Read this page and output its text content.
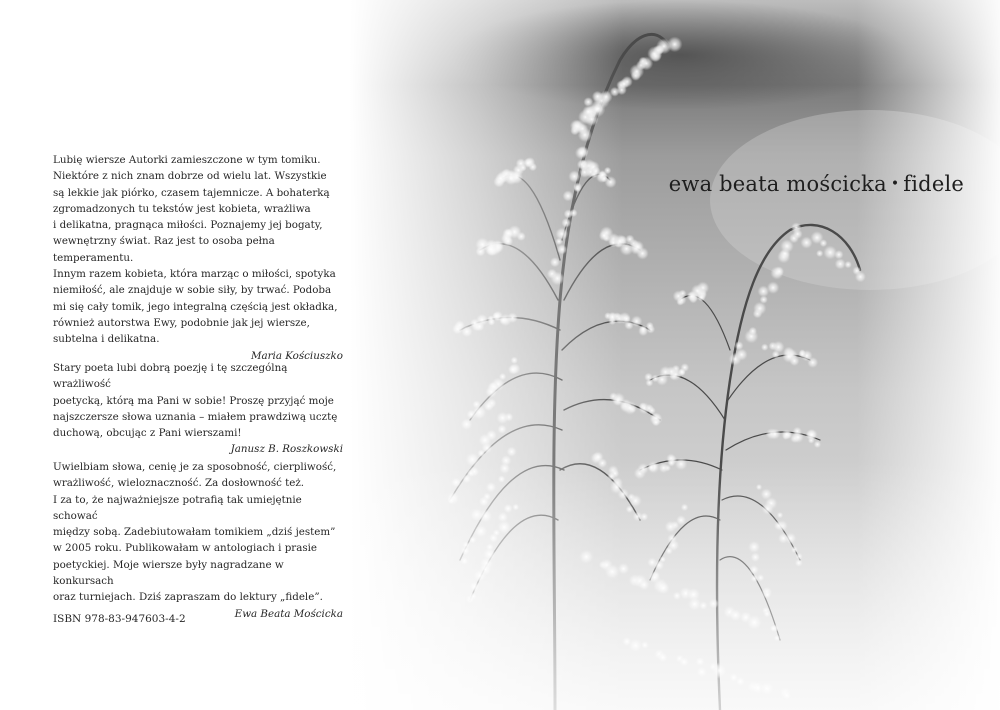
Lubię wiersze Autorki zamieszczone w tym tomiku.
Niektóre z nich znam dobrze od wielu lat. Wszystkie
są lekkie jak piórko, czasem tajemnicze. A bohaterką
zgromadzonych tu tekstów jest kobieta, wrażliwa
i delikatna, pragnąca miłości. Poznajemy jej bogaty,
wewnętrzny świat. Raz jest to osoba pełna temperamentu.
Innym razem kobieta, która marząc o miłości, spotyka
niemiłość, ale znajduje w sobie siły, by trwać. Podoba
mi się cały tomik, jego integralną częścią jest okładka,
również autorstwa Ewy, podobnie jak jej wiersze,
subtelna i delikatna.

Maria Kościuszko

Stary poeta lubi dobrą poezję i tę szczególną wrażliwość
poetycką, którą ma Pani w sobie! Proszę przyjąć moje
najszczersze słowa uznania – miałem prawdziwą ucztę
duchową, obcując z Pani wierszami!

Janusz B. Roszkowski

Uwielbiam słowa, cenię je za sposobność, cierpliwość,
wrażliwość, wieloznaczność. Za dosłowność też.
I za to, że najważniejsze potrafią tak umiejętnie schować
między sobą. Zadebiutowałam tomikiem „dziś jestem”
w 2005 roku. Publikowałam w antologiach i prasie
poetyckiej. Moje wiersze były nagradzane w konkursach
oraz turniejach. Dziś zapraszam do lektury „fidele”.

Ewa Beata Mościcka

ISBN 978-83-947603-4-2
ewa beata mościcka • fidele
